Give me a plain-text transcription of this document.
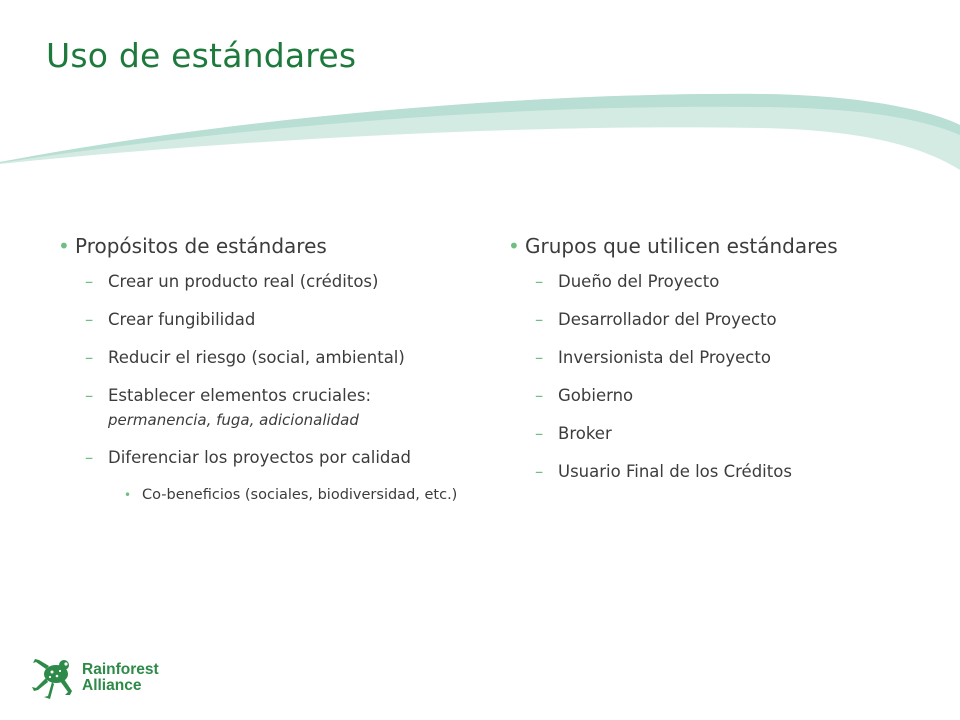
Uso de estándares
• Propósitos de estándares
– Crear un producto real (créditos)
– Crear fungibilidad
– Reducir el riesgo (social, ambiental)
– Establecer elementos cruciales:
permanencia, fuga, adicionalidad
– Diferenciar los proyectos por calidad
• Co-beneficios (sociales, biodiversidad, etc.)
• Grupos que utilicen estándares
– Dueño del Proyecto
– Desarrollador del Proyecto
– Inversionista del Proyecto
– Gobierno
– Broker
– Usuario Final de los Créditos
Rainforest
Alliance
